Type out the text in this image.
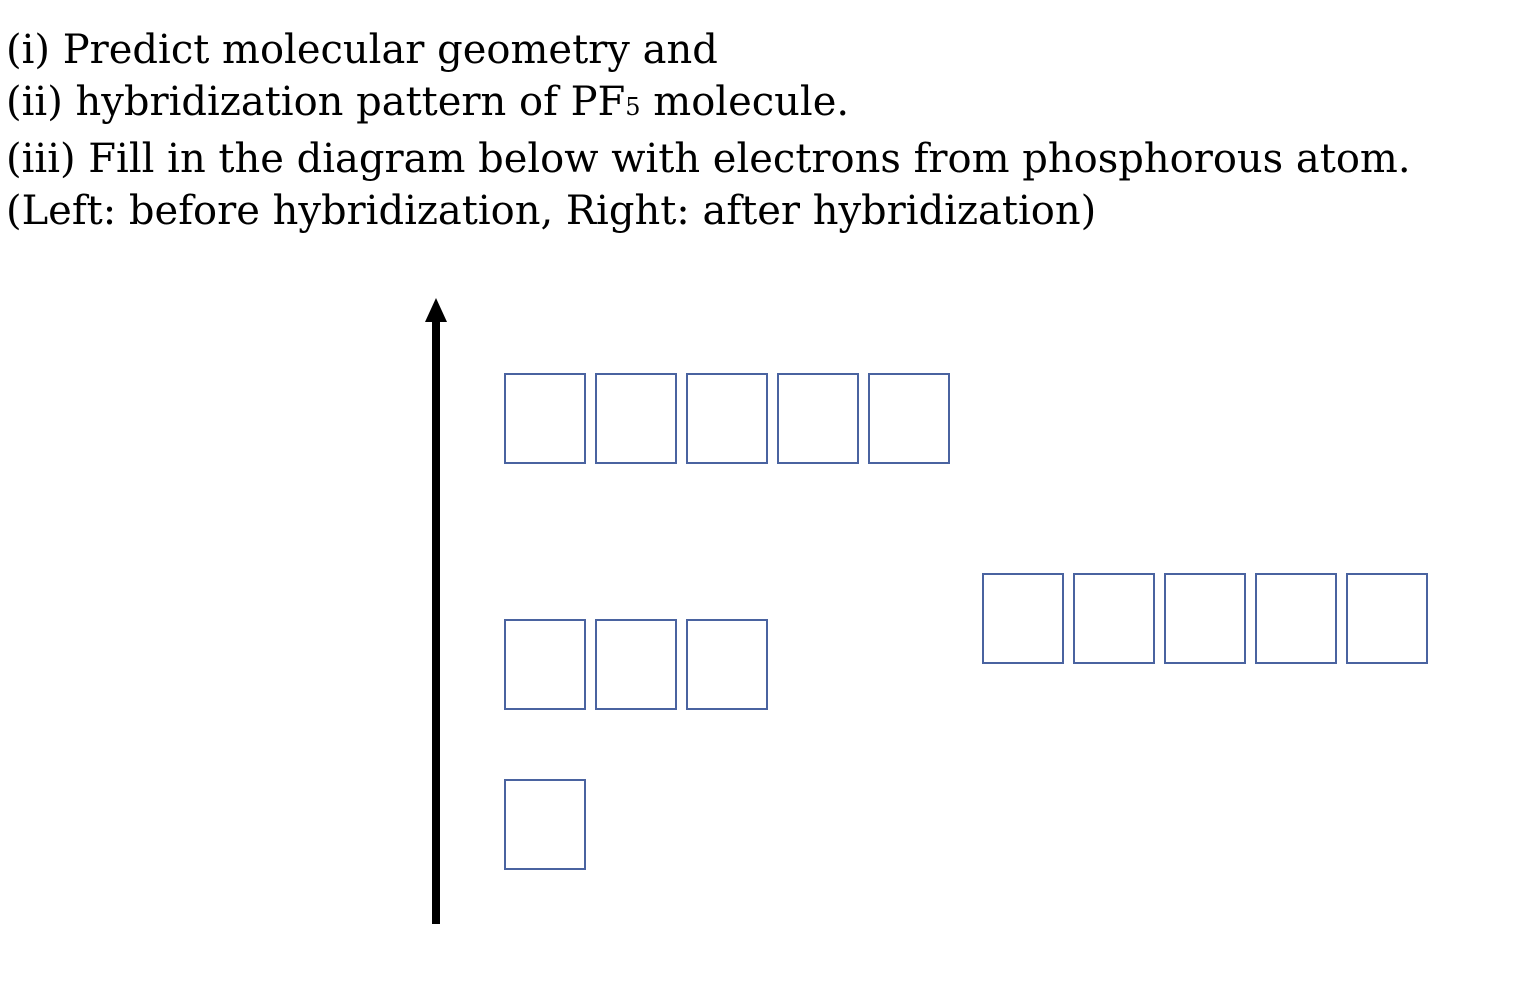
(i) Predict molecular geometry and
(ii) hybridization pattern of PF5 molecule.
(iii) Fill in the diagram below with electrons from phosphorous atom.
(Left: before hybridization, Right: after hybridization)
